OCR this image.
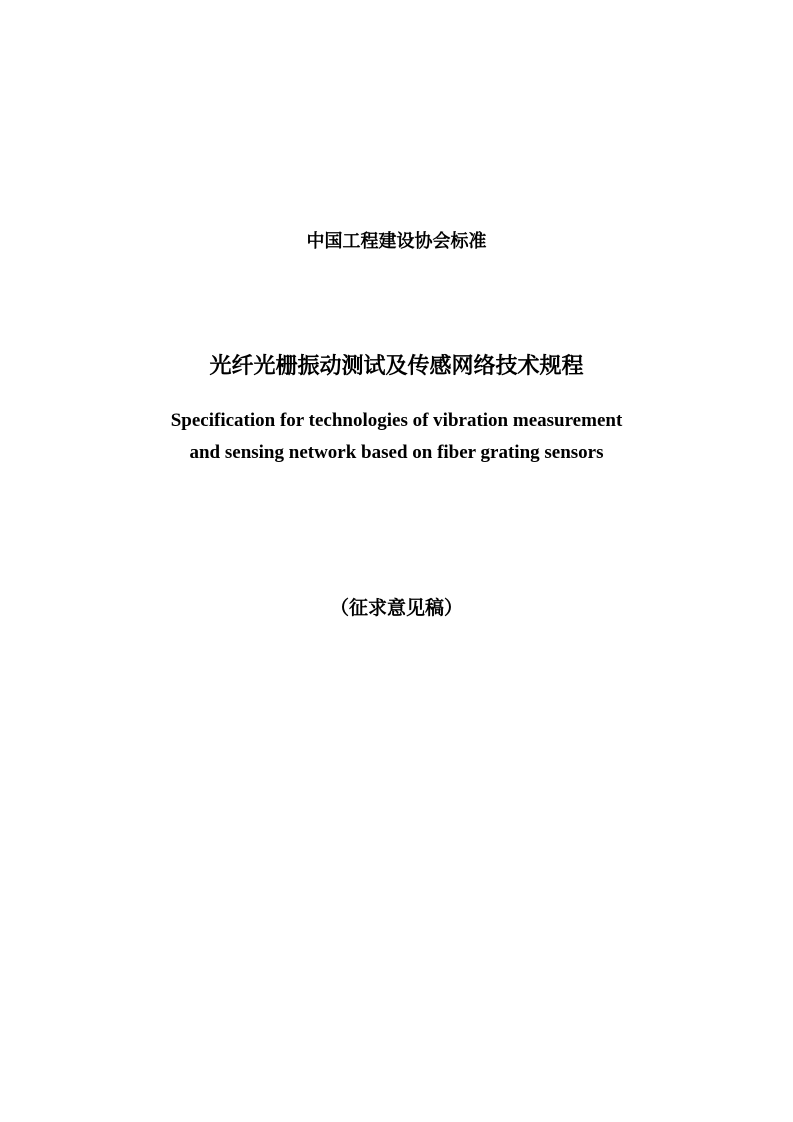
中国工程建设协会标准
光纤光栅振动测试及传感网络技术规程
Specification for technologies of vibration measurement
and sensing network based on fiber grating sensors
（征求意见稿）
